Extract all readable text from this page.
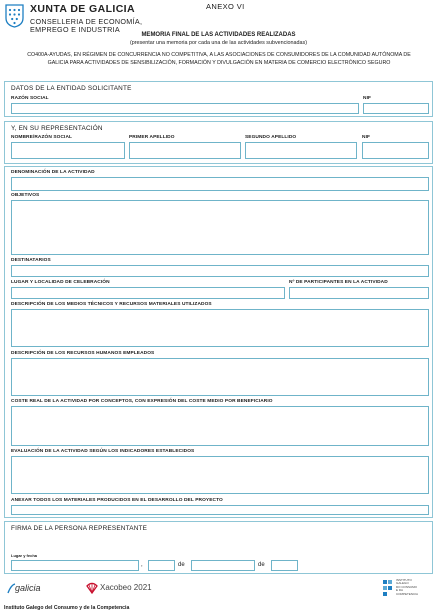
XUNTA DE GALICIA
CONSELLERIA DE ECONOMÍA,
EMPREGO E INDUSTRIA
ANEXO VI
MEMORIA FINAL DE LAS ACTIVIDADES REALIZADAS
(presentar una memoria por cada una de las actividades subvencionadas)
CO400A-AYUDAS, EN RÉGIMEN DE CONCURRENCIA NO COMPETITIVA, A LAS ASOCIACIONES DE CONSUMIDORES DE LA COMUNIDAD AUTÓNOMA DE
GALICIA PARA ACTIVIDADES DE SENSIBILIZACIÓN, FORMACIÓN Y DIVULGACIÓN EN MATERIA DE COMERCIO ELECTRÓNICO SEGURO
DATOS DE LA ENTIDAD SOLICITANTE
RAZÓN SOCIAL	NIF
Y, EN SU REPRESENTACIÓN
NOMBRE/RAZÓN SOCIAL	PRIMER APELLIDO	SEGUNDO APELLIDO	NIF
DENOMINACIÓN DE LA ACTIVIDAD
OBJETIVOS
DESTINATARIOS
LUGAR Y LOCALIDAD DE CELEBRACIÓN	Nº DE PARTICIPANTES EN LA ACTIVIDAD
DESCRIPCIÓN DE LOS MEDIOS TÉCNICOS Y RECURSOS MATERIALES UTILIZADOS
DESCRIPCIÓN DE LOS RECURSOS HUMANOS EMPLEADOS
COSTE REAL DE LA ACTIVIDAD POR CONCEPTOS, CON EXPRESIÓN DEL COSTE MEDIO POR BENEFICIARIO
EVALUACIÓN DE LA ACTIVIDAD SEGÚN LOS INDICADORES ESTABLECIDOS
ANEXAR TODOS LOS MATERIALES PRODUCIDOS EN EL DESARROLLO DEL PROYECTO
FIRMA DE LA PERSONA REPRESENTANTE
Lugar y fecha
,	de	de
galicia	Xacobeo 2021
INSTITUTO
GALEGO
DO CONSUMO
E DA
COMPETENCIA
Instituto Galego del Consumo y de la Competencia
